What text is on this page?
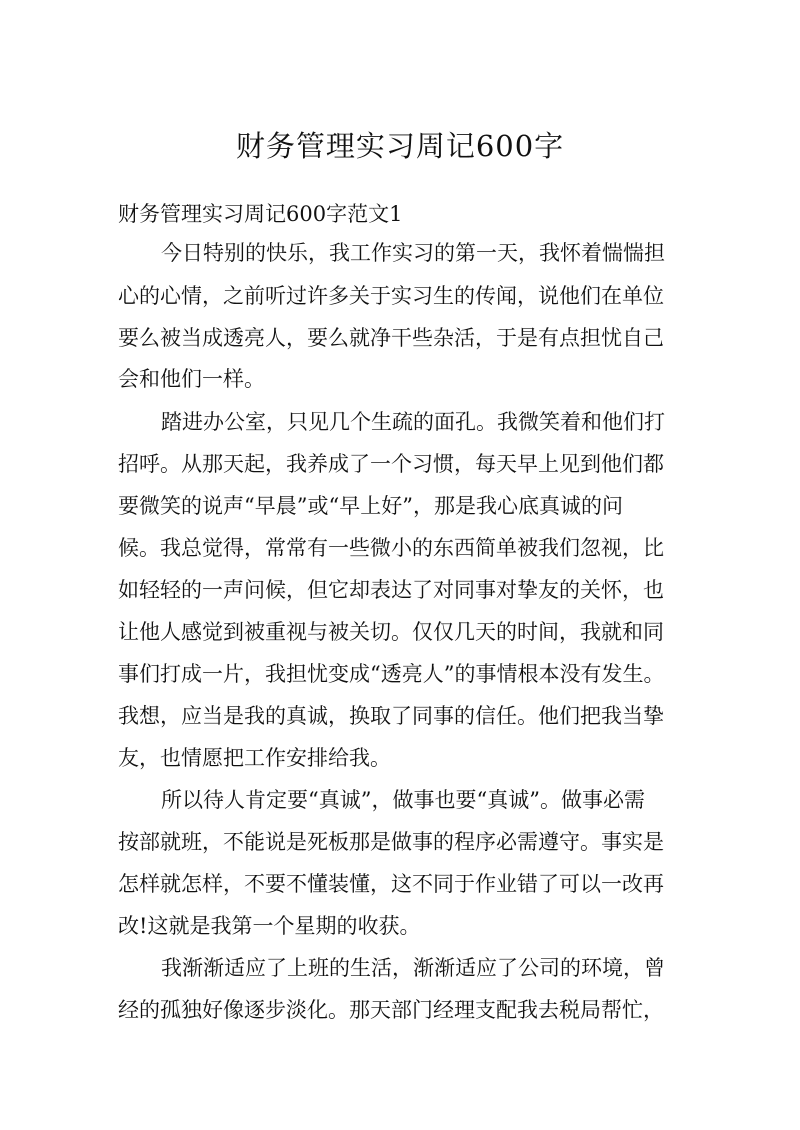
财务管理实习周记600字

财务管理实习周记600字范文1

今日特别的快乐，我工作实习的第一天，我怀着惴惴担

心的心情，之前听过许多关于实习生的传闻，说他们在单位

要么被当成透亮人，要么就净干些杂活，于是有点担忧自己

会和他们一样。

踏进办公室，只见几个生疏的面孔。我微笑着和他们打

招呼。从那天起，我养成了一个习惯，每天早上见到他们都

要微笑的说声“早晨”或“早上好”，那是我心底真诚的问

候。我总觉得，常常有一些微小的东西简单被我们忽视，比

如轻轻的一声问候，但它却表达了对同事对挚友的关怀，也

让他人感觉到被重视与被关切。仅仅几天的时间，我就和同

事们打成一片，我担忧变成“透亮人”的事情根本没有发生。

我想，应当是我的真诚，换取了同事的信任。他们把我当挚

友，也情愿把工作安排给我。

所以待人肯定要“真诚”，做事也要“真诚”。做事必需

按部就班，不能说是死板那是做事的程序必需遵守。事实是

怎样就怎样，不要不懂装懂，这不同于作业错了可以一改再

改!这就是我第一个星期的收获。

我渐渐适应了上班的生活，渐渐适应了公司的环境，曾

经的孤独好像逐步淡化。那天部门经理支配我去税局帮忙，
